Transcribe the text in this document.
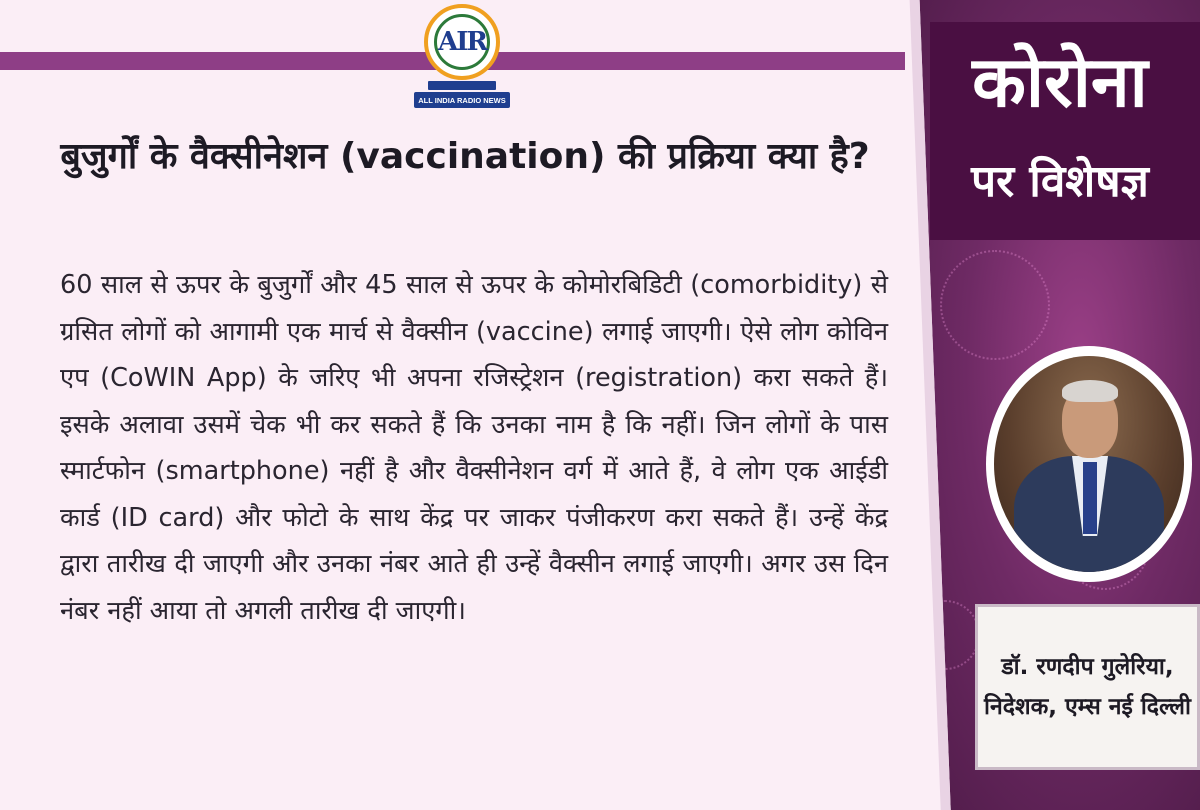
AIR
ALL INDIA RADIO NEWS
बुजुर्गों के वैक्सीनेशन (vaccination) की प्रक्रिया क्या है?
60 साल से ऊपर के बुजुर्गों और 45 साल से ऊपर के कोमोरबिडिटी (comorbidity) से ग्रसित लोगों को आगामी एक मार्च से वैक्सीन (vaccine) लगाई जाएगी। ऐसे लोग कोविन एप (CoWIN App) के जरिए भी अपना रजिस्ट्रेशन (registration) करा सकते हैं। इसके अलावा उसमें चेक भी कर सकते हैं कि उनका नाम है कि नहीं। जिन लोगों के पास स्मार्टफोन (smartphone) नहीं है और वैक्सीनेशन वर्ग में आते हैं, वे लोग एक आईडी कार्ड (ID card) और फोटो के साथ केंद्र पर जाकर पंजीकरण करा सकते हैं। उन्हें केंद्र द्वारा तारीख दी जाएगी और उनका नंबर आते ही उन्हें वैक्सीन लगाई जाएगी। अगर उस दिन नंबर नहीं आया तो अगली तारीख दी जाएगी।
कोरोना
पर विशेषज्ञ
डॉ. रणदीप गुलेरिया, निदेशक, एम्स नई दिल्ली
